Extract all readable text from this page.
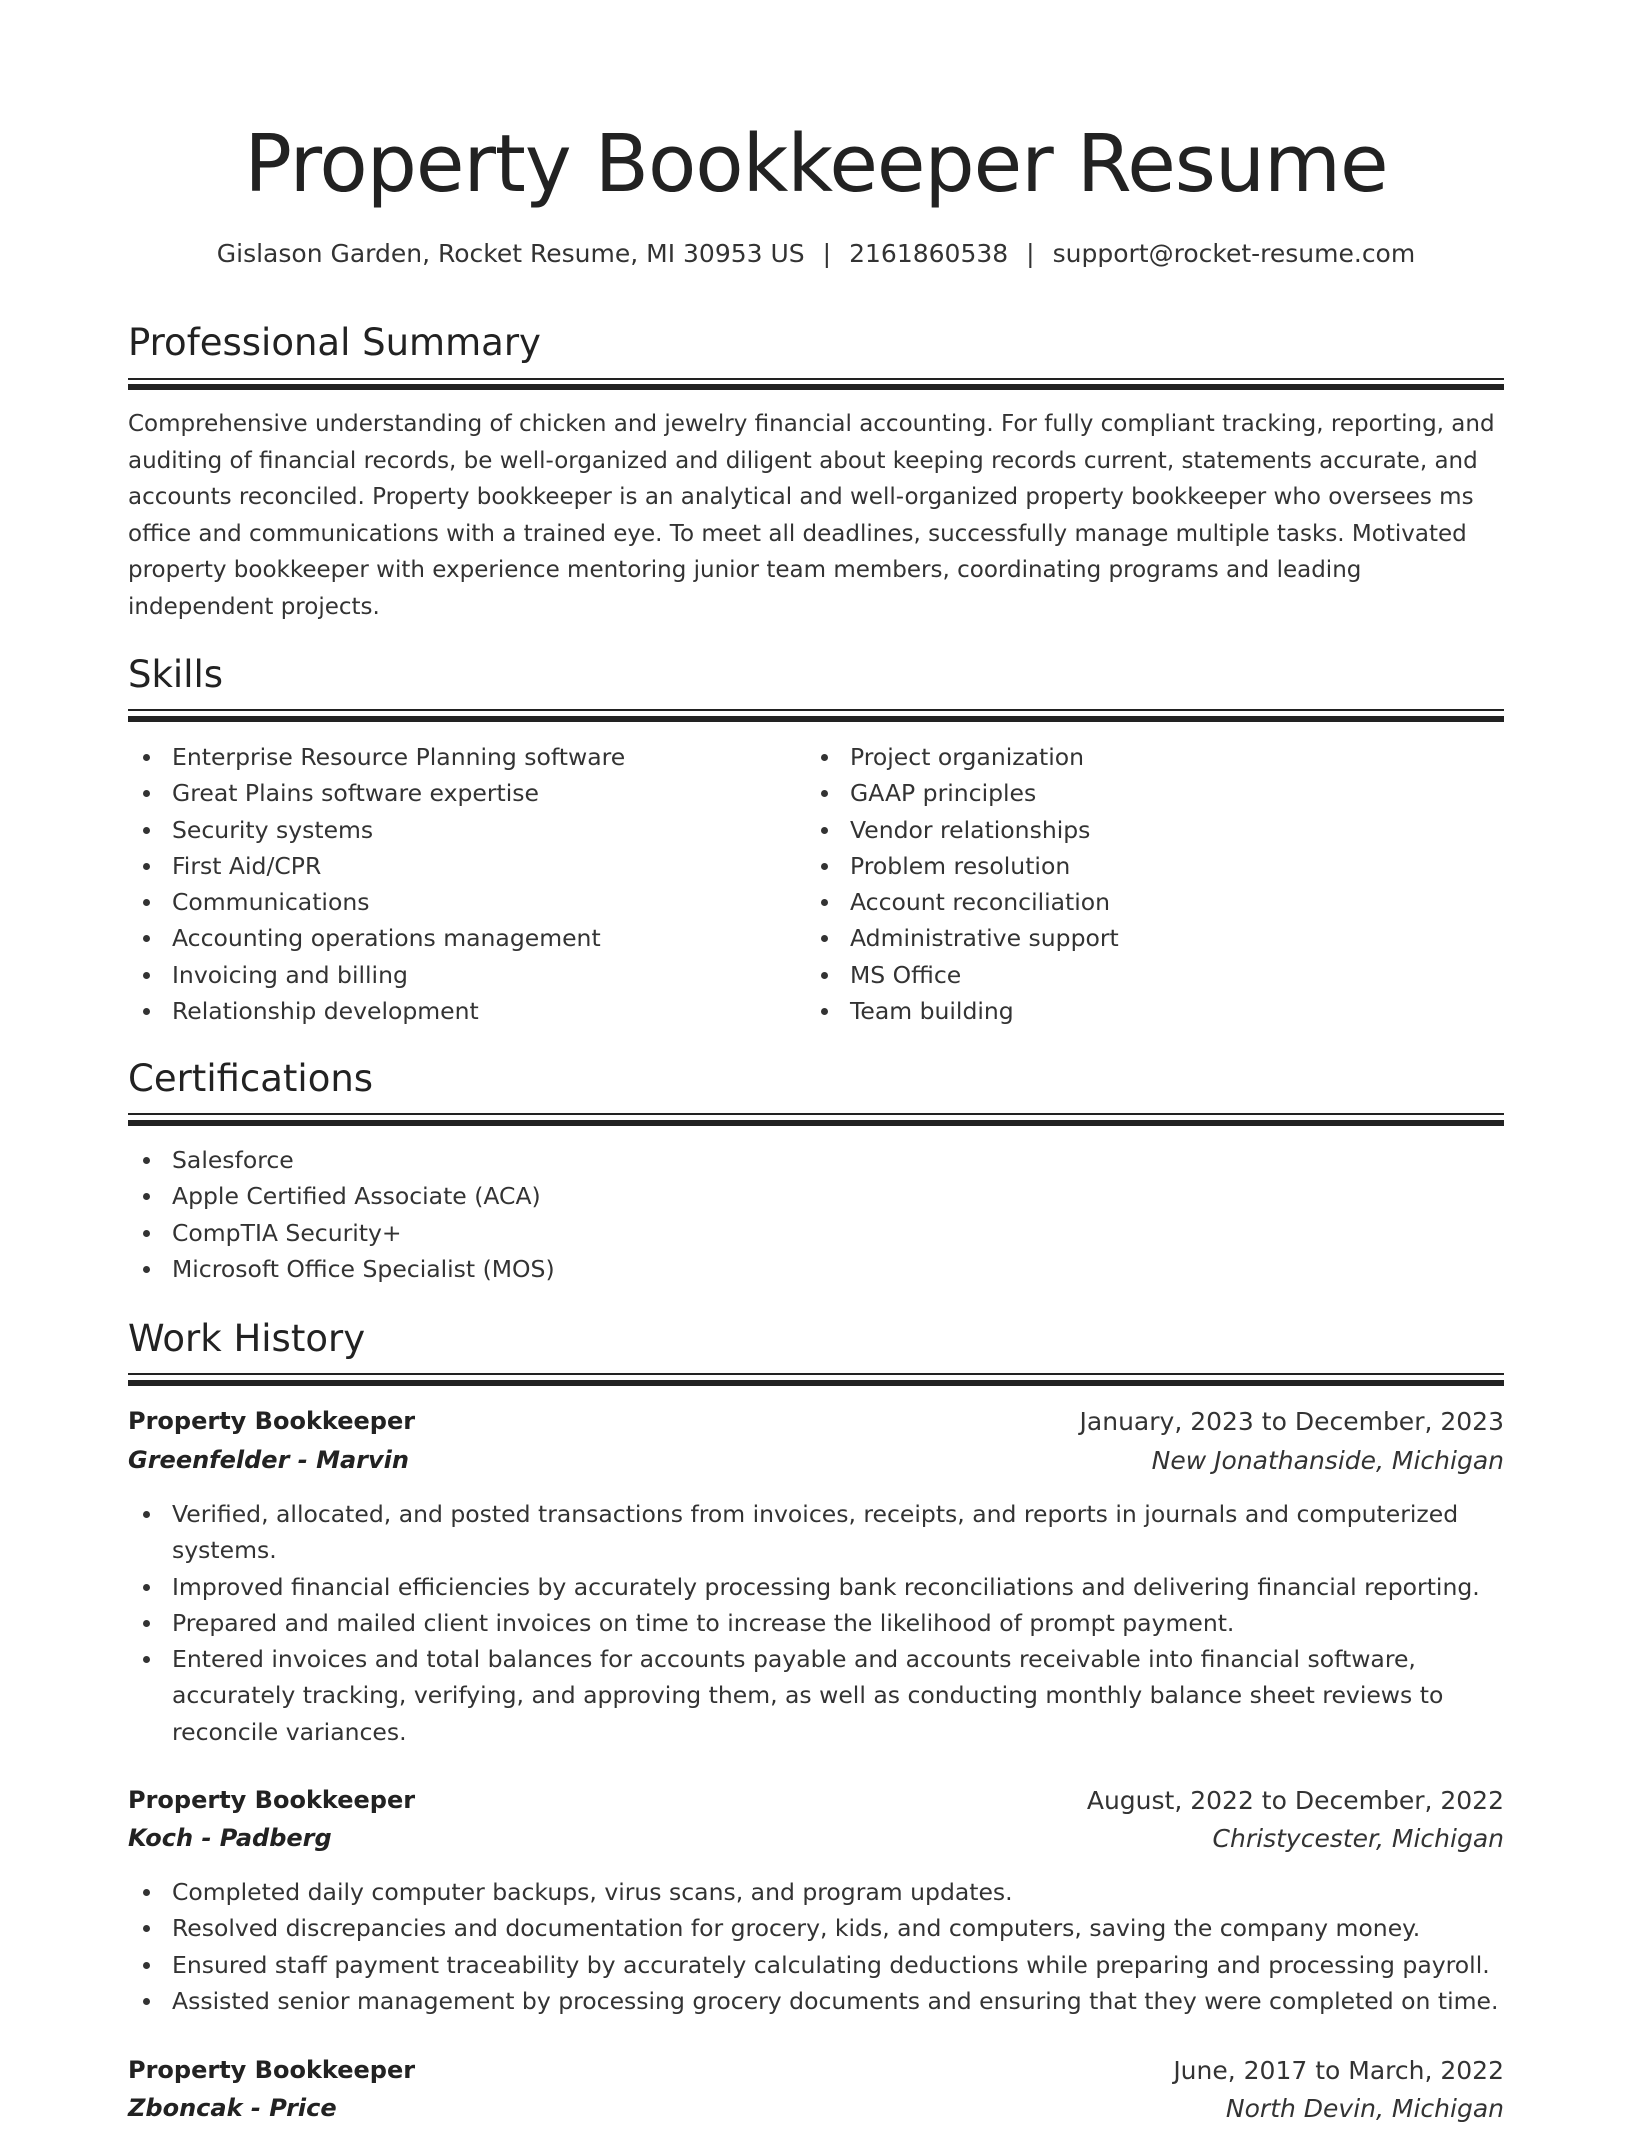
Property Bookkeeper Resume
Gislason Garden, Rocket Resume, MI 30953 US | 2161860538 | support@rocket-resume.com
Professional Summary

Comprehensive understanding of chicken and jewelry financial accounting. For fully compliant tracking, reporting, and auditing of financial records, be well-organized and diligent about keeping records current, statements accurate, and accounts reconciled. Property bookkeeper is an analytical and well-organized property bookkeeper who oversees ms office and communications with a trained eye. To meet all deadlines, successfully manage multiple tasks. Motivated property bookkeeper with experience mentoring junior team members, coordinating programs and leading independent projects.

Skills
Enterprise Resource Planning software
Great Plains software expertise
Security systems
First Aid/CPR
Communications
Accounting operations management
Invoicing and billing
Relationship development
Project organization
GAAP principles
Vendor relationships
Problem resolution
Account reconciliation
Administrative support
MS Office
Team building
Certifications
Salesforce
Apple Certified Associate (ACA)
CompTIA Security+
Microsoft Office Specialist (MOS)
Work History
Property Bookkeeper	January, 2023 to December, 2023
Greenfelder - Marvin	New Jonathanside, Michigan
Verified, allocated, and posted transactions from invoices, receipts, and reports in journals and computerized systems.
Improved financial efficiencies by accurately processing bank reconciliations and delivering financial reporting.
Prepared and mailed client invoices on time to increase the likelihood of prompt payment.
Entered invoices and total balances for accounts payable and accounts receivable into financial software, accurately tracking, verifying, and approving them, as well as conducting monthly balance sheet reviews to reconcile variances.
Property Bookkeeper	August, 2022 to December, 2022
Koch - Padberg	Christycester, Michigan
Completed daily computer backups, virus scans, and program updates.
Resolved discrepancies and documentation for grocery, kids, and computers, saving the company money.
Ensured staff payment traceability by accurately calculating deductions while preparing and processing payroll.
Assisted senior management by processing grocery documents and ensuring that they were completed on time.
Property Bookkeeper	June, 2017 to March, 2022
Zboncak - Price	North Devin, Michigan
